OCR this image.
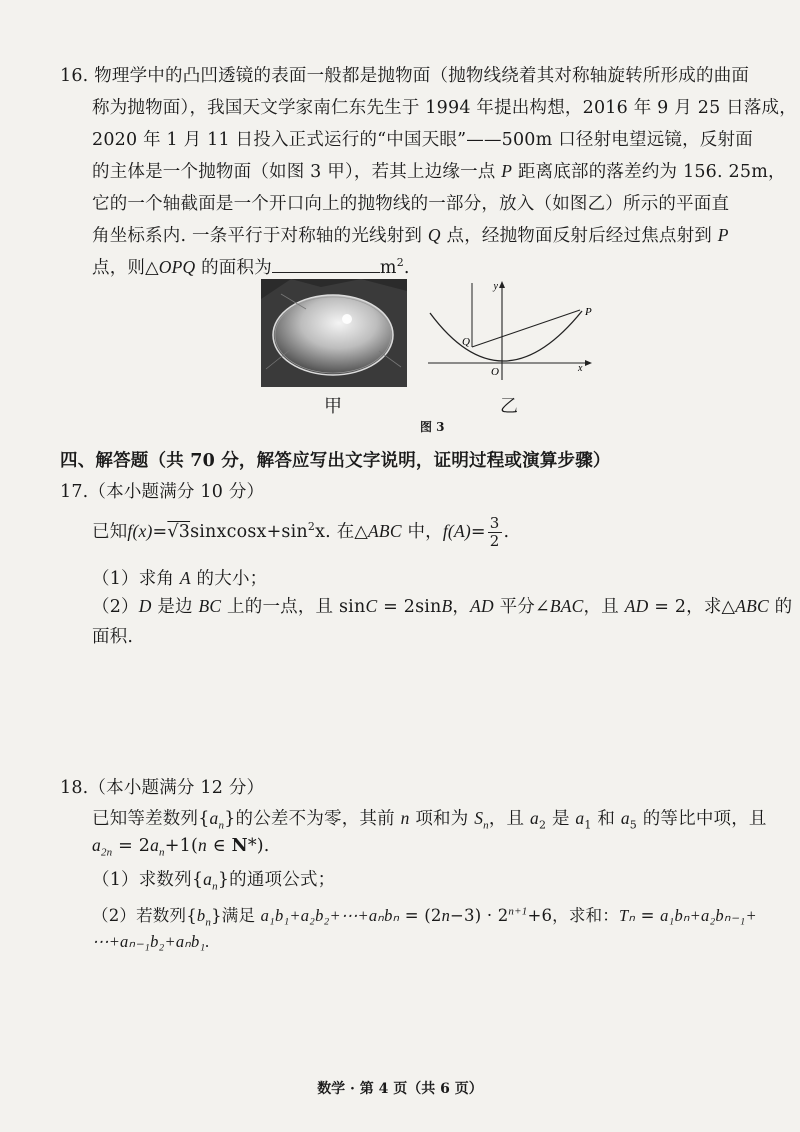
16. 物理学中的凸凹透镜的表面一般都是抛物面（抛物线绕着其对称轴旋转所形成的曲面
称为抛物面），我国天文学家南仁东先生于 1994 年提出构想，2016 年 9 月 25 日落成，
2020 年 1 月 11 日投入正式运行的“中国天眼”——500m 口径射电望远镜，反射面
的主体是一个抛物面（如图 3 甲），若其上边缘一点 P 距离底部的落差约为 156. 25m，
它的一个轴截面是一个开口向上的抛物线的一部分，放入（如图乙）所示的平面直
角坐标系内. 一条平行于对称轴的光线射到 Q 点，经抛物面反射后经过焦点射到 P
点，则△OPQ 的面积为	$m^2$.
甲
y
x
P
Q
O
乙
图 3
四、解答题（共 70 分，解答应写出文字说明，证明过程或演算步骤）
17.（本小题满分 10 分）
已知$f(x)=√3sinxcosx+\sin^2x$. 在△ABC 中，$f(A)= \frac{3}{2}$ .
（1）求角 A 的大小；
（2）D 是边 BC 上的一点，且 sinC = 2sinB，AD 平分∠BAC，且 AD = 2，求△ABC 的
面积.
18.（本小题满分 12 分）
已知等差数列$\{a_n\}$的公差不为零，其前 n 项和为 $S_n$，且 $a_2$ 是 $a_1$ 和 $a_5$ 的等比中项，且
$a_{2n} = 2a_n+1(n$ ∈ N*).
（1）求数列$\{a_n\}$的通项公式；
（2）若数列$\{b_n\}$满足 a₁b₁+a₂b₂+⋯+aₙbₙ = $(2n-3) \cdot 2^{n+1}+6$，求和：Tₙ = a₁bₙ+a₂bₙ₋₁+
⋯+aₙ₋₁b₂+aₙb₁.
数学 · 第 4 页（共 6 页）
